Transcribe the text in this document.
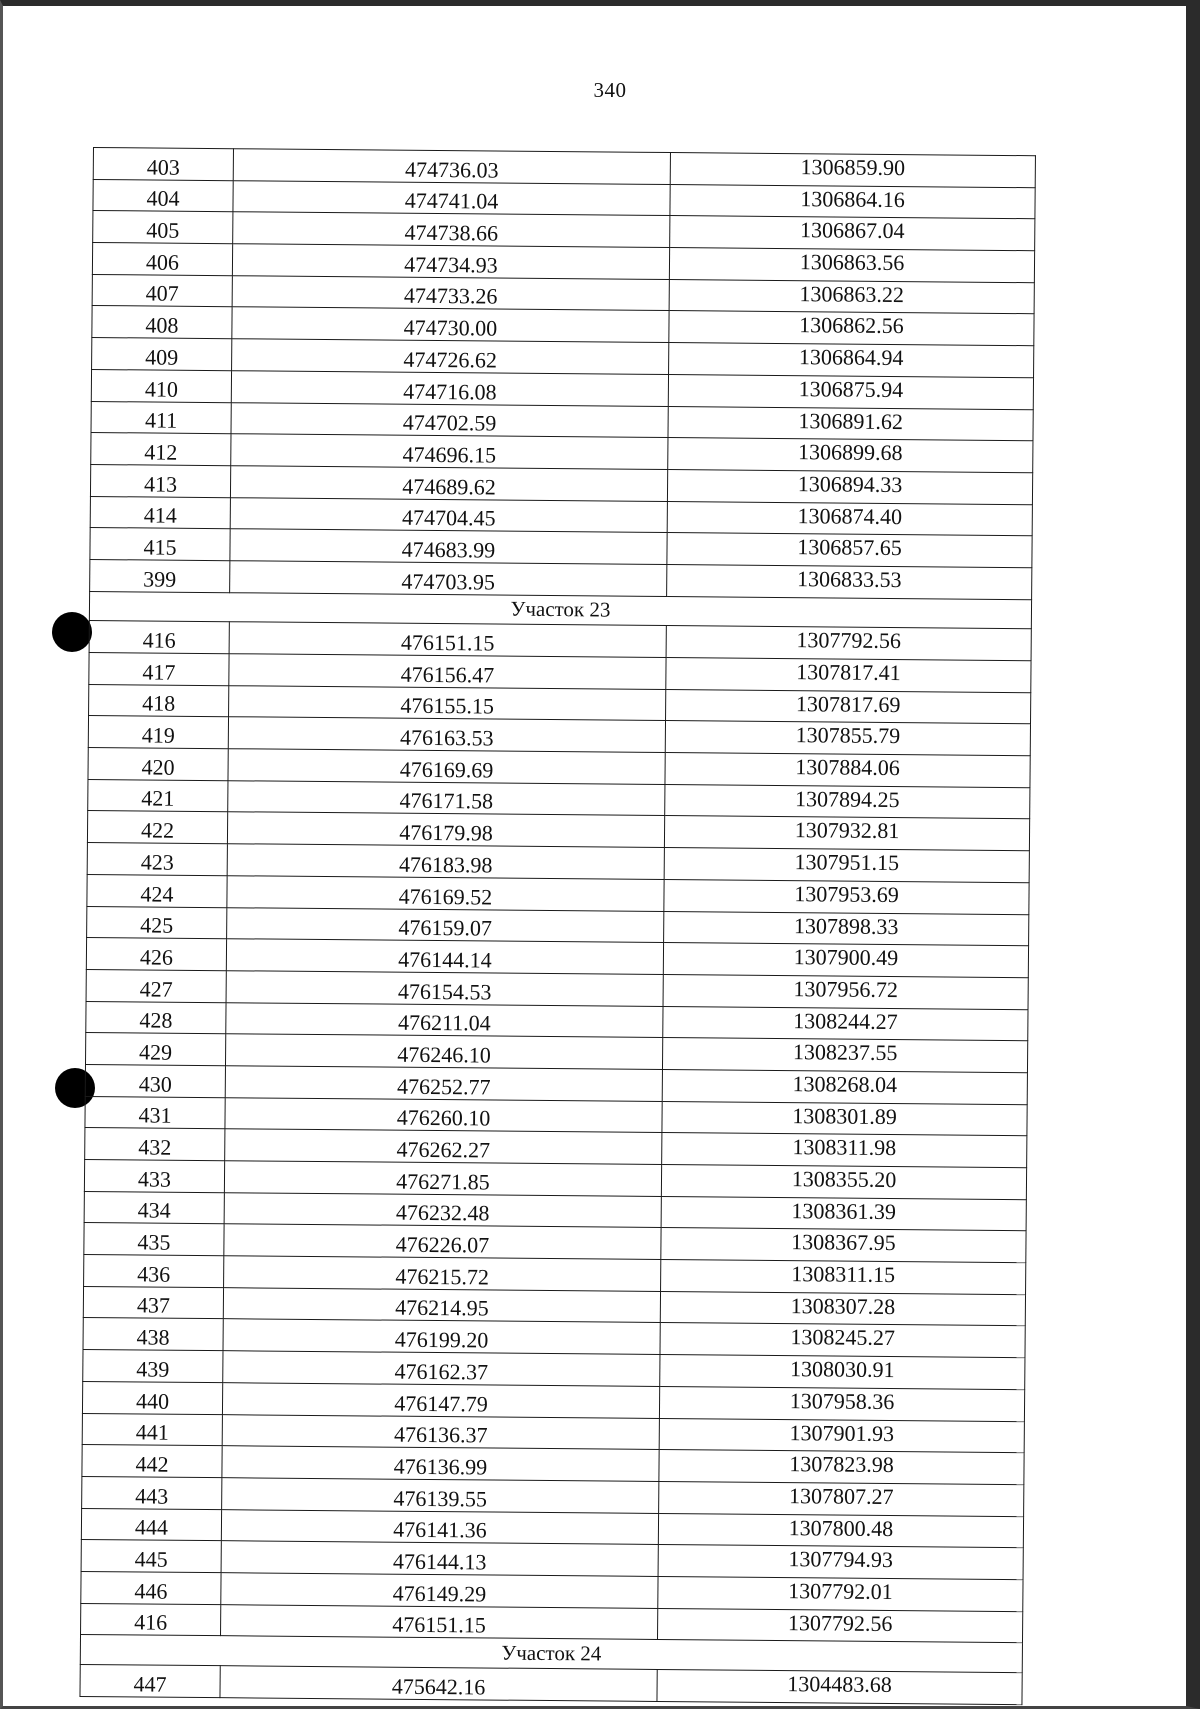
340
403	474736.03	1306859.90
404	474741.04	1306864.16
405	474738.66	1306867.04
406	474734.93	1306863.56
407	474733.26	1306863.22
408	474730.00	1306862.56
409	474726.62	1306864.94
410	474716.08	1306875.94
411	474702.59	1306891.62
412	474696.15	1306899.68
413	474689.62	1306894.33
414	474704.45	1306874.40
415	474683.99	1306857.65
399	474703.95	1306833.53
Участок 23		
416	476151.15	1307792.56
417	476156.47	1307817.41
418	476155.15	1307817.69
419	476163.53	1307855.79
420	476169.69	1307884.06
421	476171.58	1307894.25
422	476179.98	1307932.81
423	476183.98	1307951.15
424	476169.52	1307953.69
425	476159.07	1307898.33
426	476144.14	1307900.49
427	476154.53	1307956.72
428	476211.04	1308244.27
429	476246.10	1308237.55
430	476252.77	1308268.04
431	476260.10	1308301.89
432	476262.27	1308311.98
433	476271.85	1308355.20
434	476232.48	1308361.39
435	476226.07	1308367.95
436	476215.72	1308311.15
437	476214.95	1308307.28
438	476199.20	1308245.27
439	476162.37	1308030.91
440	476147.79	1307958.36
441	476136.37	1307901.93
442	476136.99	1307823.98
443	476139.55	1307807.27
444	476141.36	1307800.48
445	476144.13	1307794.93
446	476149.29	1307792.01
416	476151.15	1307792.56
Участок 24		
447	475642.16	1304483.68
